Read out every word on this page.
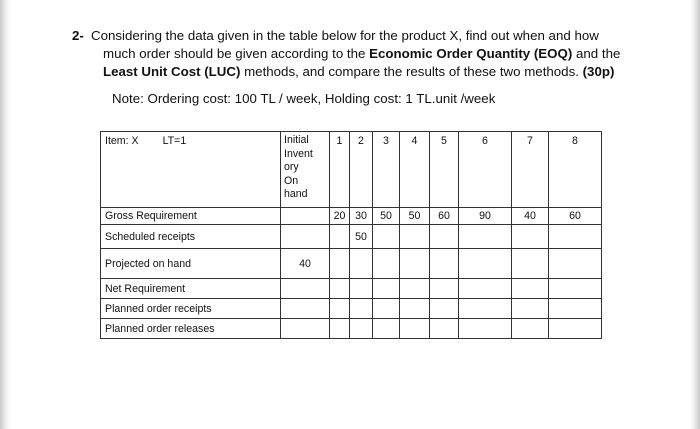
2- Considering the data given in the table below for the product X, find out when and how
much order should be given according to the Economic Order Quantity (EOQ) and the
Least Unit Cost (LUC) methods, and compare the results of these two methods. (30p)
Note: Ordering cost: 100 TL / week, Holding cost: 1 TL.unit /week
Item: X LT=1	Initial
Invent
ory
On
hand	1	2	3	4	5	6	7	8
Gross Requirement		20	30	50	50	60	90	40	60
Scheduled receipts			50						
Projected on hand	40								
Net Requirement									
Planned order receipts									
Planned order releases									
